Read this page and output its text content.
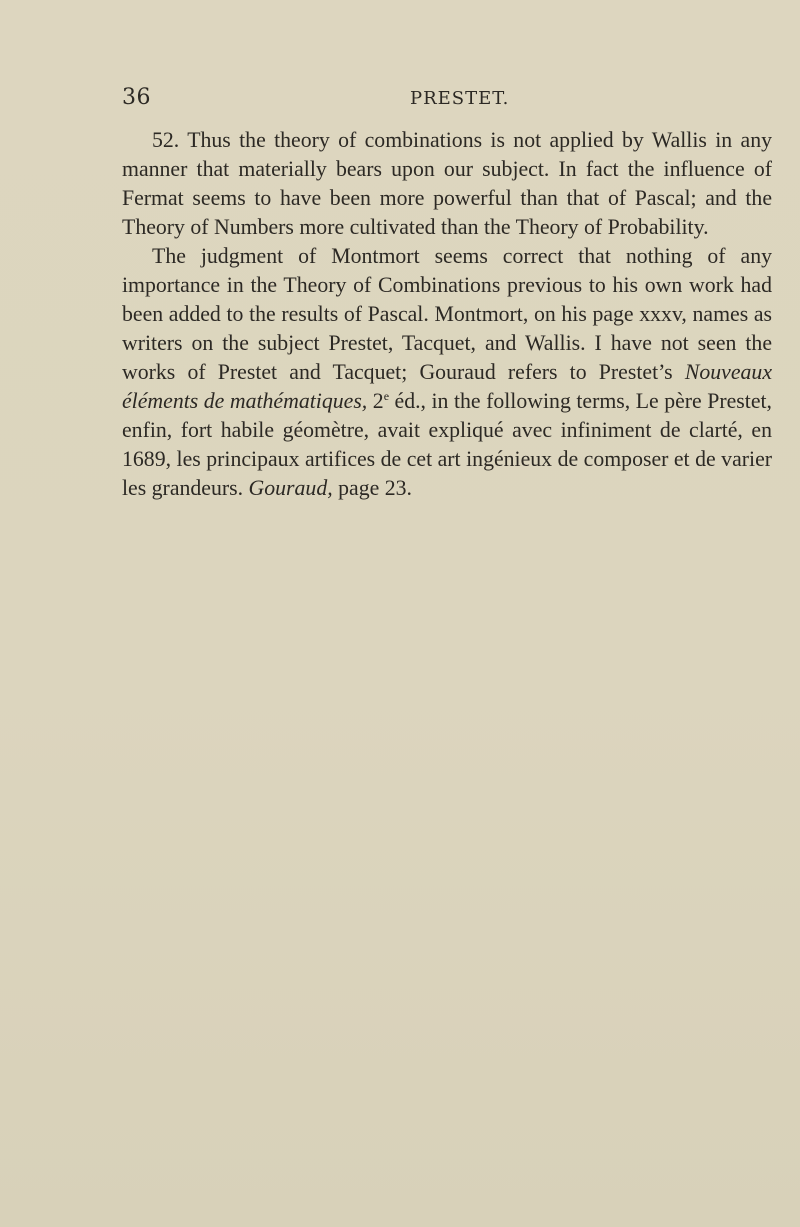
36	PRESTET.

52. Thus the theory of combinations is not applied by Wallis in any manner that materially bears upon our subject. In fact the influence of Fermat seems to have been more powerful than that of Pascal; and the Theory of Numbers more cultivated than the Theory of Probability.

The judgment of Montmort seems correct that nothing of any importance in the Theory of Combinations previous to his own work had been added to the results of Pascal. Montmort, on his page xxxv, names as writers on the subject Prestet, Tacquet, and Wallis. I have not seen the works of Prestet and Tacquet; Gouraud refers to Prestet’s Nouveaux éléments de mathématiques, 2e éd., in the following terms, Le père Prestet, enfin, fort habile géomètre, avait expliqué avec infiniment de clarté, en 1689, les principaux artifices de cet art ingénieux de composer et de varier les grandeurs. Gouraud, page 23.
